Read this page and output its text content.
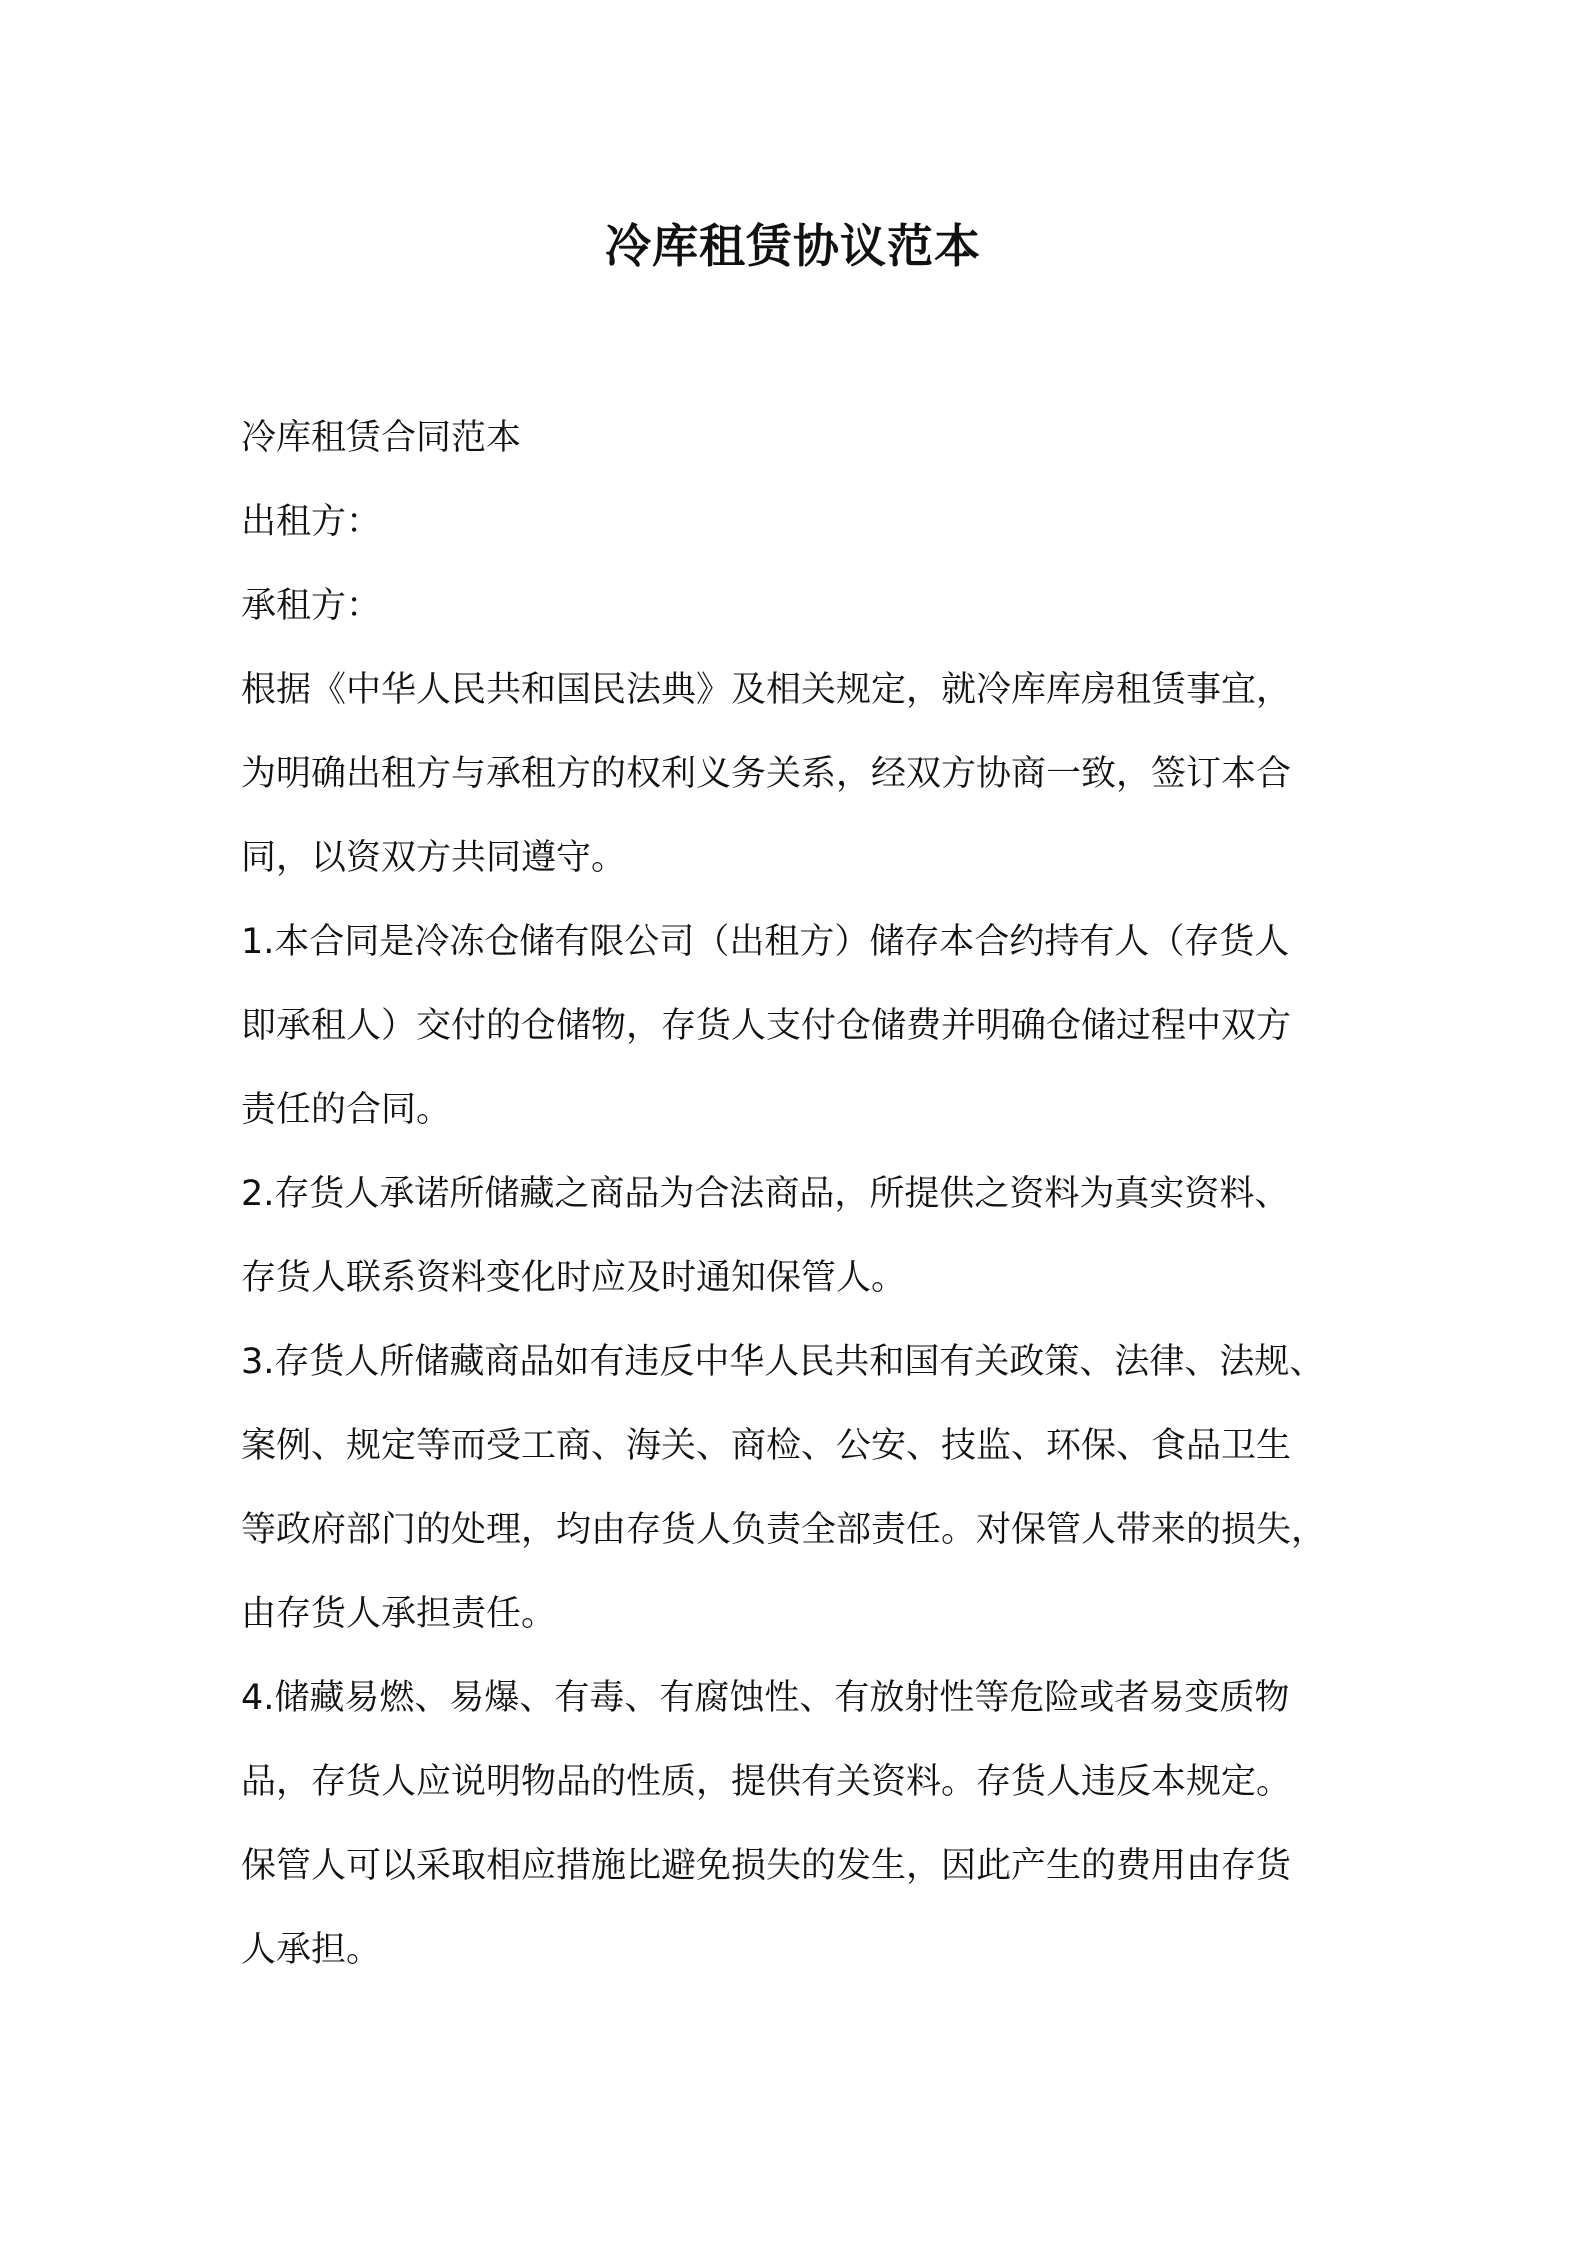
冷库租赁协议范本
冷库租赁合同范本
出租方：
承租方：
根据《中华人民共和国民法典》及相关规定，就冷库库房租赁事宜，
为明确出租方与承租方的权利义务关系，经双方协商一致，签订本合
同，以资双方共同遵守。
1.本合同是冷冻仓储有限公司（出租方）储存本合约持有人（存货人
即承租人）交付的仓储物，存货人支付仓储费并明确仓储过程中双方
责任的合同。
2.存货人承诺所储藏之商品为合法商品，所提供之资料为真实资料、
存货人联系资料变化时应及时通知保管人。
3.存货人所储藏商品如有违反中华人民共和国有关政策、法律、法规、
案例、规定等而受工商、海关、商检、公安、技监、环保、食品卫生
等政府部门的处理，均由存货人负责全部责任。对保管人带来的损失，
由存货人承担责任。
4.储藏易燃、易爆、有毒、有腐蚀性、有放射性等危险或者易变质物
品，存货人应说明物品的性质，提供有关资料。存货人违反本规定。
保管人可以采取相应措施比避免损失的发生，因此产生的费用由存货
人承担。
